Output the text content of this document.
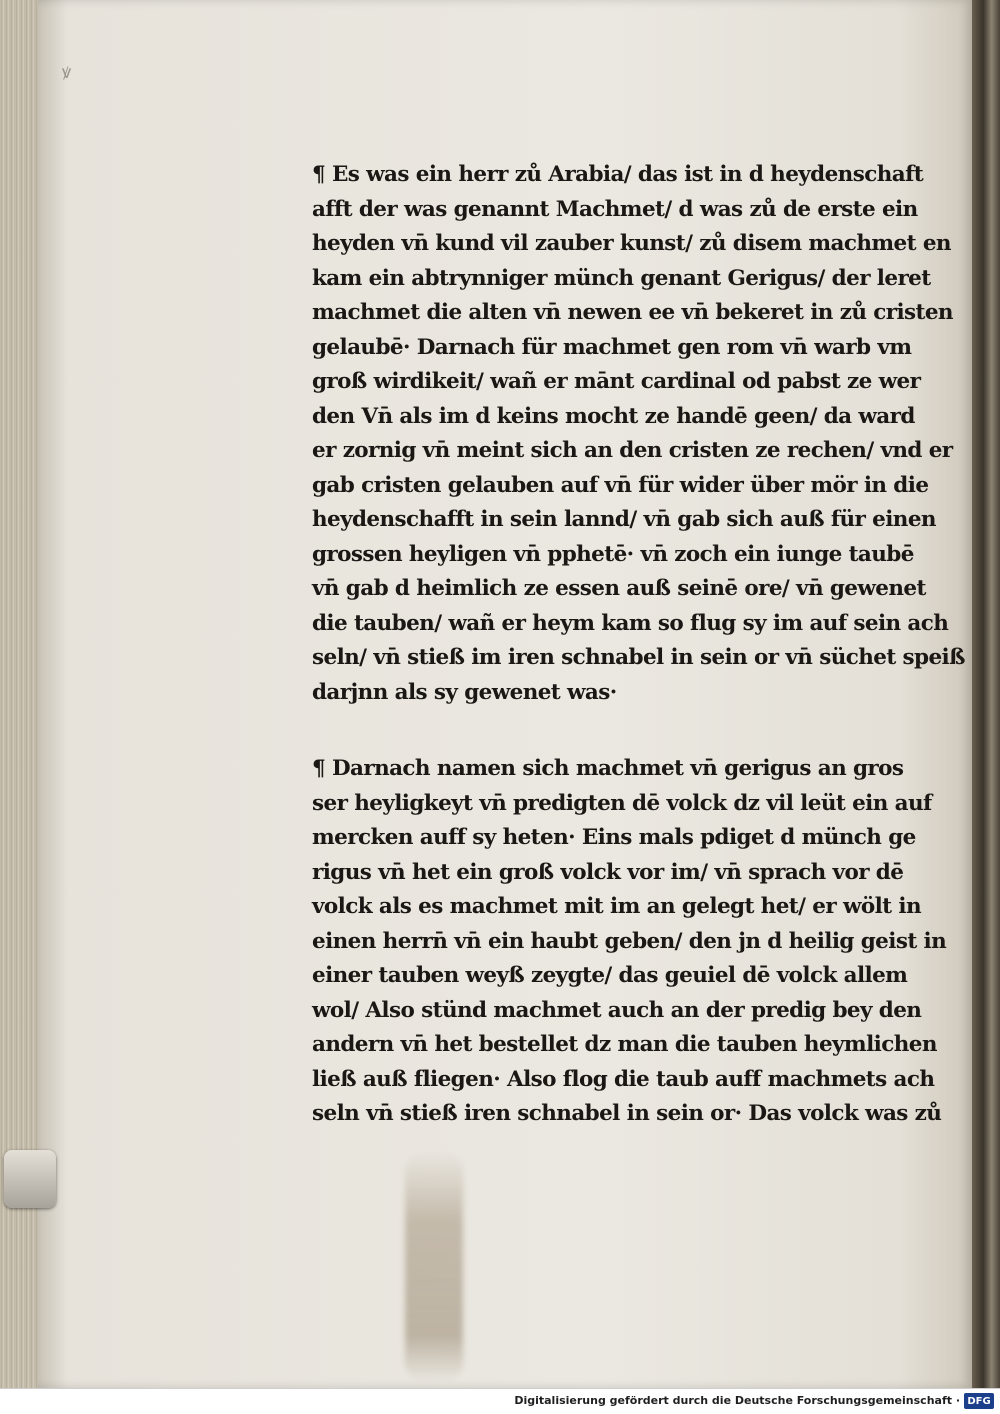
ꝟ
¶ Es was ein herr zů Arabia/ das ist in d heydenschaft
afft der was genannt Machmet/ d was zů de erste ein
heyden vn̄ kund vil zauber kunst/ zů disem machmet en
kam ein abtrynniger münch genant Gerigus/ der leret
machmet die alten vn̄ newen ee vn̄ bekeret in zů cristen
gelaubē· Darnach für machmet gen rom vn̄ warb vm
groß wirdikeit/ wañ er mānt cardinal od pabst ze wer
den Vn̄ als im d keins mocht ze handē geen/ da ward
er zornig vn̄ meint sich an den cristen ze rechen/ vnd er
gab cristen gelauben auf vn̄ für wider über mör in die
heydenschafft in sein lannd/ vn̄ gab sich auß für einen
grossen heyligen vn̄ pphetē· vn̄ zoch ein iunge taubē
vn̄ gab d heimlich ze essen auß seinē ore/ vn̄ gewenet
die tauben/ wañ er heym kam so flug sy im auf sein ach
seln/ vn̄ stieß im iren schnabel in sein or vn̄ süchet speiß
darjnn als sy gewenet was·
¶ Darnach namen sich machmet vn̄ gerigus an gros
ser heyligkeyt vn̄ predigten dē volck dz vil leüt ein auf
mercken auff sy heten· Eins mals pdiget d münch ge
rigus vn̄ het ein groß volck vor im/ vn̄ sprach vor dē
volck als es machmet mit im an gelegt het/ er wölt in
einen herrn̄ vn̄ ein haubt geben/ den jn d heilig geist in
einer tauben weyß zeygte/ das geuiel dē volck allem
wol/ Also stünd machmet auch an der predig bey den
andern vn̄ het bestellet dz man die tauben heymlichen
ließ auß fliegen· Also flog die taub auff machmets ach
seln vn̄ stieß iren schnabel in sein or· Das volck was zů
Digitalisierung gefördert durch die Deutsche Forschungsgemeinschaft · DFG
